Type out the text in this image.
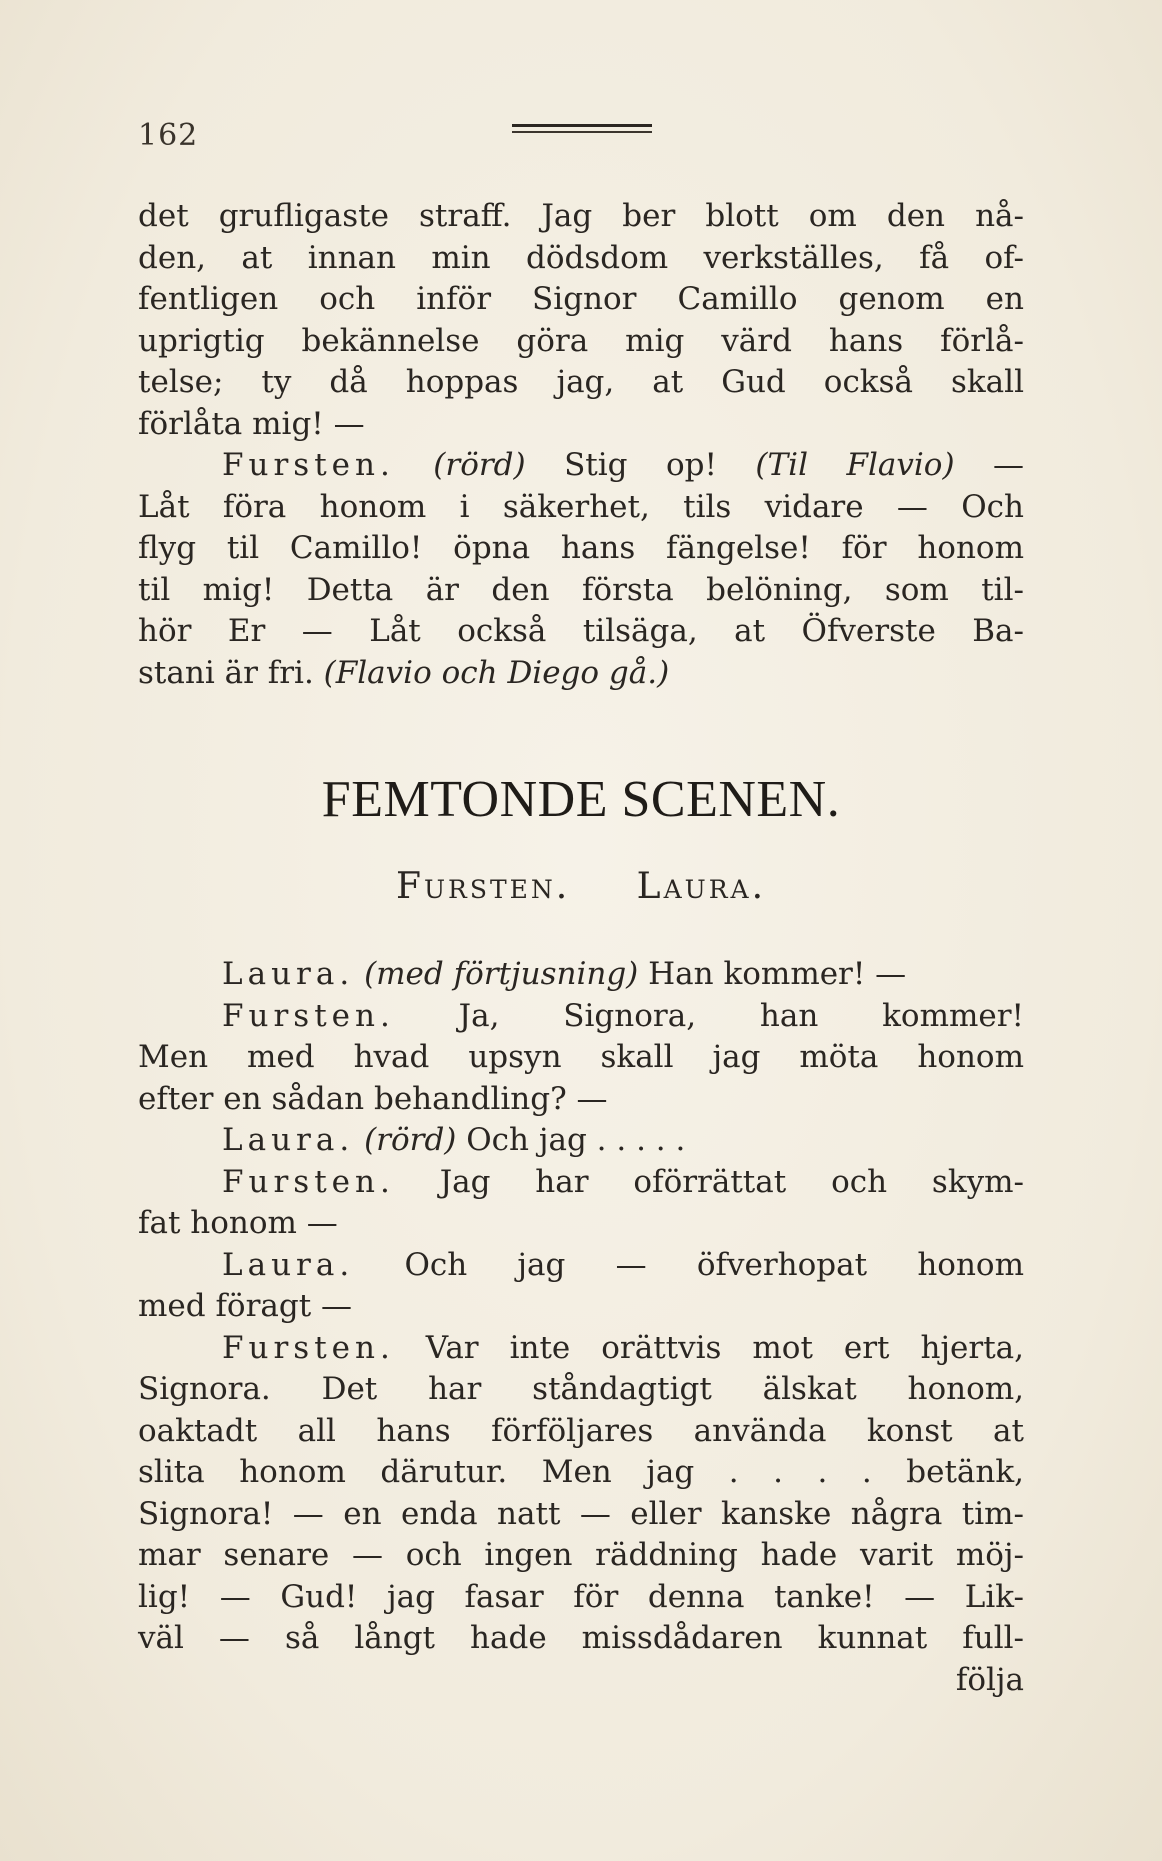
162
det grufligaste straff. Jag ber blott om den nå-
den, at innan min dödsdom verkställes, få of-
fentligen och inför Signor Camillo genom en
uprigtig bekännelse göra mig värd hans förlå-
telse; ty då hoppas jag, at Gud också skall
förlåta mig! —
Fursten. (rörd) Stig op! (Til Flavio) —
Låt föra honom i säkerhet, tils vidare — Och
flyg til Camillo! öpna hans fängelse! för honom
til mig! Detta är den första belöning, som til-
hör Er — Låt också tilsäga, at Öfverste Ba-
stani är fri. (Flavio och Diego gå.)
FEMTONDE SCENEN.
Fursten. Laura.
Laura. (med förtjusning) Han kommer! —
Fursten. Ja, Signora, han kommer!
Men med hvad upsyn skall jag möta honom
efter en sådan behandling? —
Laura. (rörd) Och jag . . . . .
Fursten. Jag har oförrättat och skym-
fat honom —
Laura. Och jag — öfverhopat honom
med föragt —
Fursten. Var inte orättvis mot ert hjerta,
Signora. Det har ståndagtigt älskat honom,
oaktadt all hans förföljares använda konst at
slita honom därutur. Men jag . . . . betänk,
Signora! — en enda natt — eller kanske några tim-
mar senare — och ingen räddning hade varit möj-
lig! — Gud! jag fasar för denna tanke! — Lik-
väl — så långt hade missdådaren kunnat full-
följa
